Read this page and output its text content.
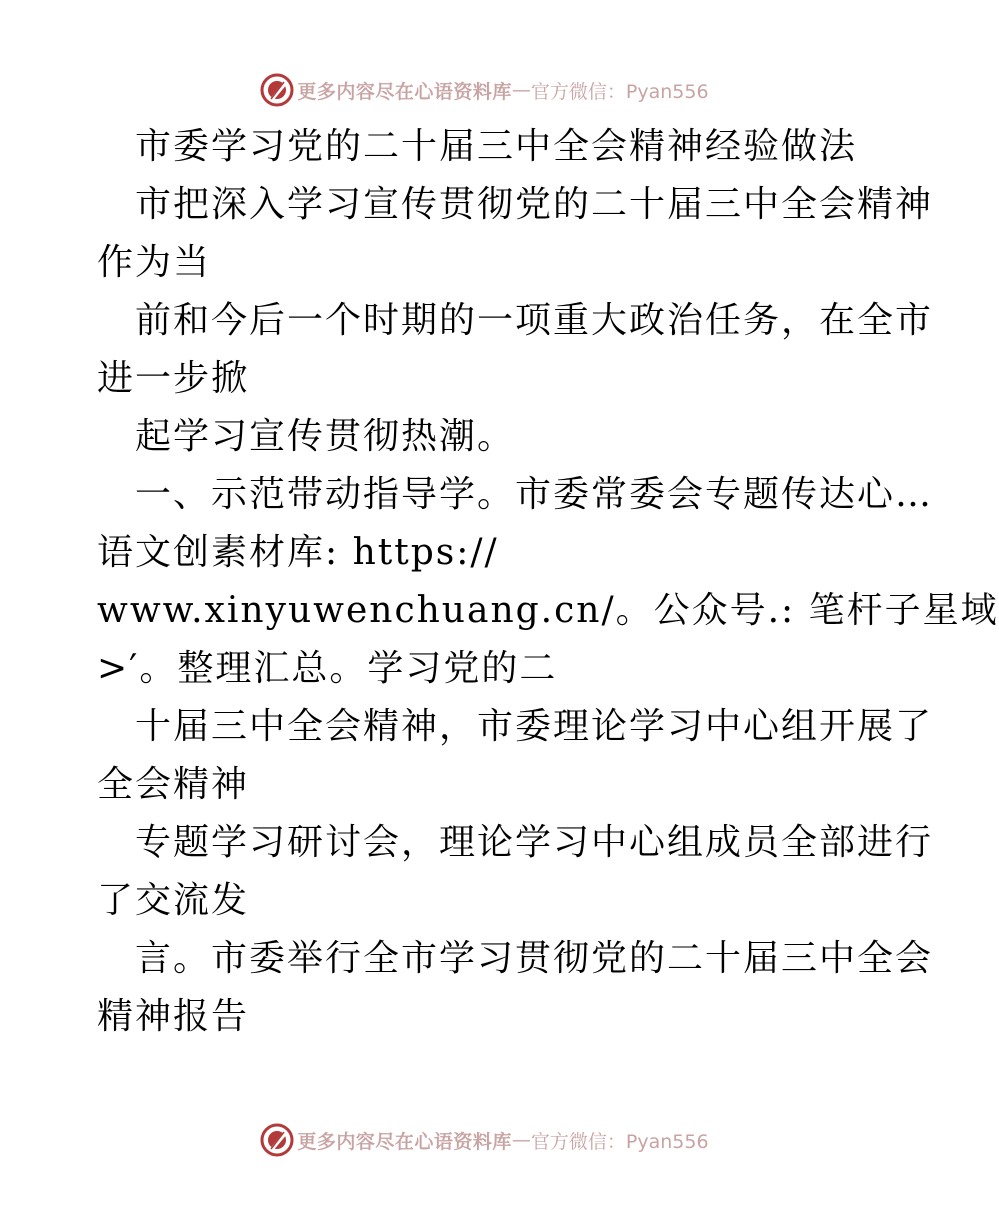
更多内容尽在心语资料库 — 官方微信：Pyan556
市委学习党的二十届三中全会精神经验做法
市把深入学习宣传贯彻党的二十届三中全会精神
作为当
前和今后一个时期的一项重大政治任务，在全市
进一步掀
起学习宣传贯彻热潮。
一、示范带动指导学。市委常委会专题传达心…
语文创素材库: https://
www.xinyuwenchuang.cn/。公众号.: 笔杆子星域
>′。整理汇总。学习党的二
十届三中全会精神，市委理论学习中心组开展了
全会精神
专题学习研讨会，理论学习中心组成员全部进行
了交流发
言。市委举行全市学习贯彻党的二十届三中全会
精神报告
更多内容尽在心语资料库 — 官方微信：Pyan556
